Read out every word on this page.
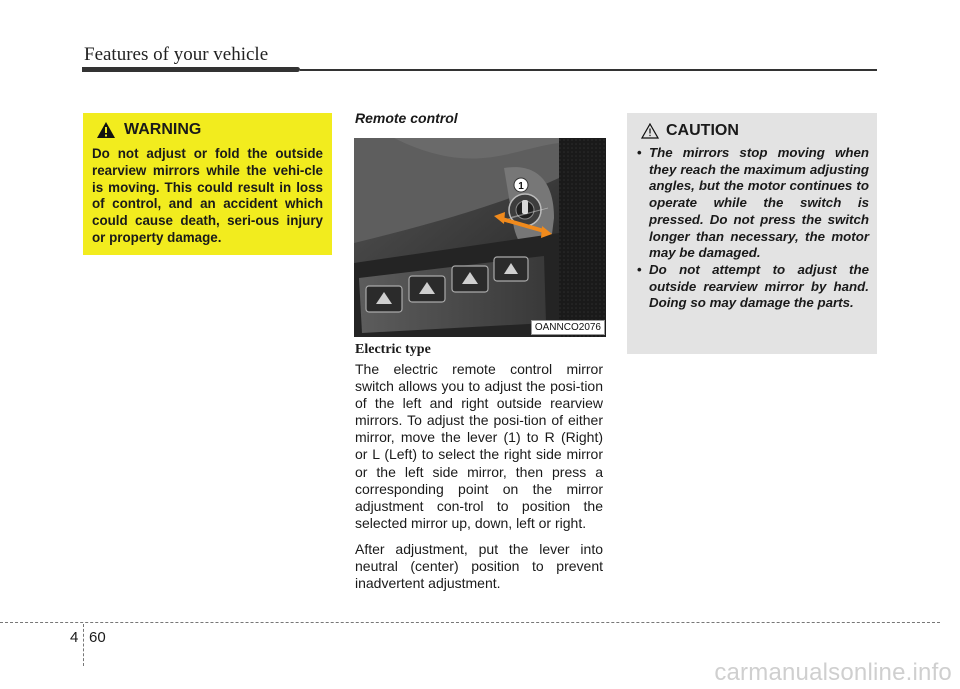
Features of your vehicle
WARNING
Do not adjust or fold the outside rearview mirrors while the vehi-cle is moving. This could result in loss of control, and an accident which could cause death, seri-ous injury or property damage.
Remote control
1
OANNCO2076
Electric type

The electric remote control mirror switch allows you to adjust the posi-tion of the left and right outside rearview mirrors. To adjust the posi-tion of either mirror, move the lever (1) to R (Right) or L (Left) to select the right side mirror or the left side mirror, then press a corresponding point on the mirror adjustment con-trol to position the selected mirror up, down, left or right.

After adjustment, put the lever into neutral (center) position to prevent inadvertent adjustment.

CAUTION
• The mirrors stop moving when they reach the maximum adjusting angles, but the motor continues to operate while the switch is pressed. Do not press the switch longer than necessary, the motor may be damaged.
• Do not attempt to adjust the outside rearview mirror by hand. Doing so may damage the parts.
4 60
carmanualsonline.info
